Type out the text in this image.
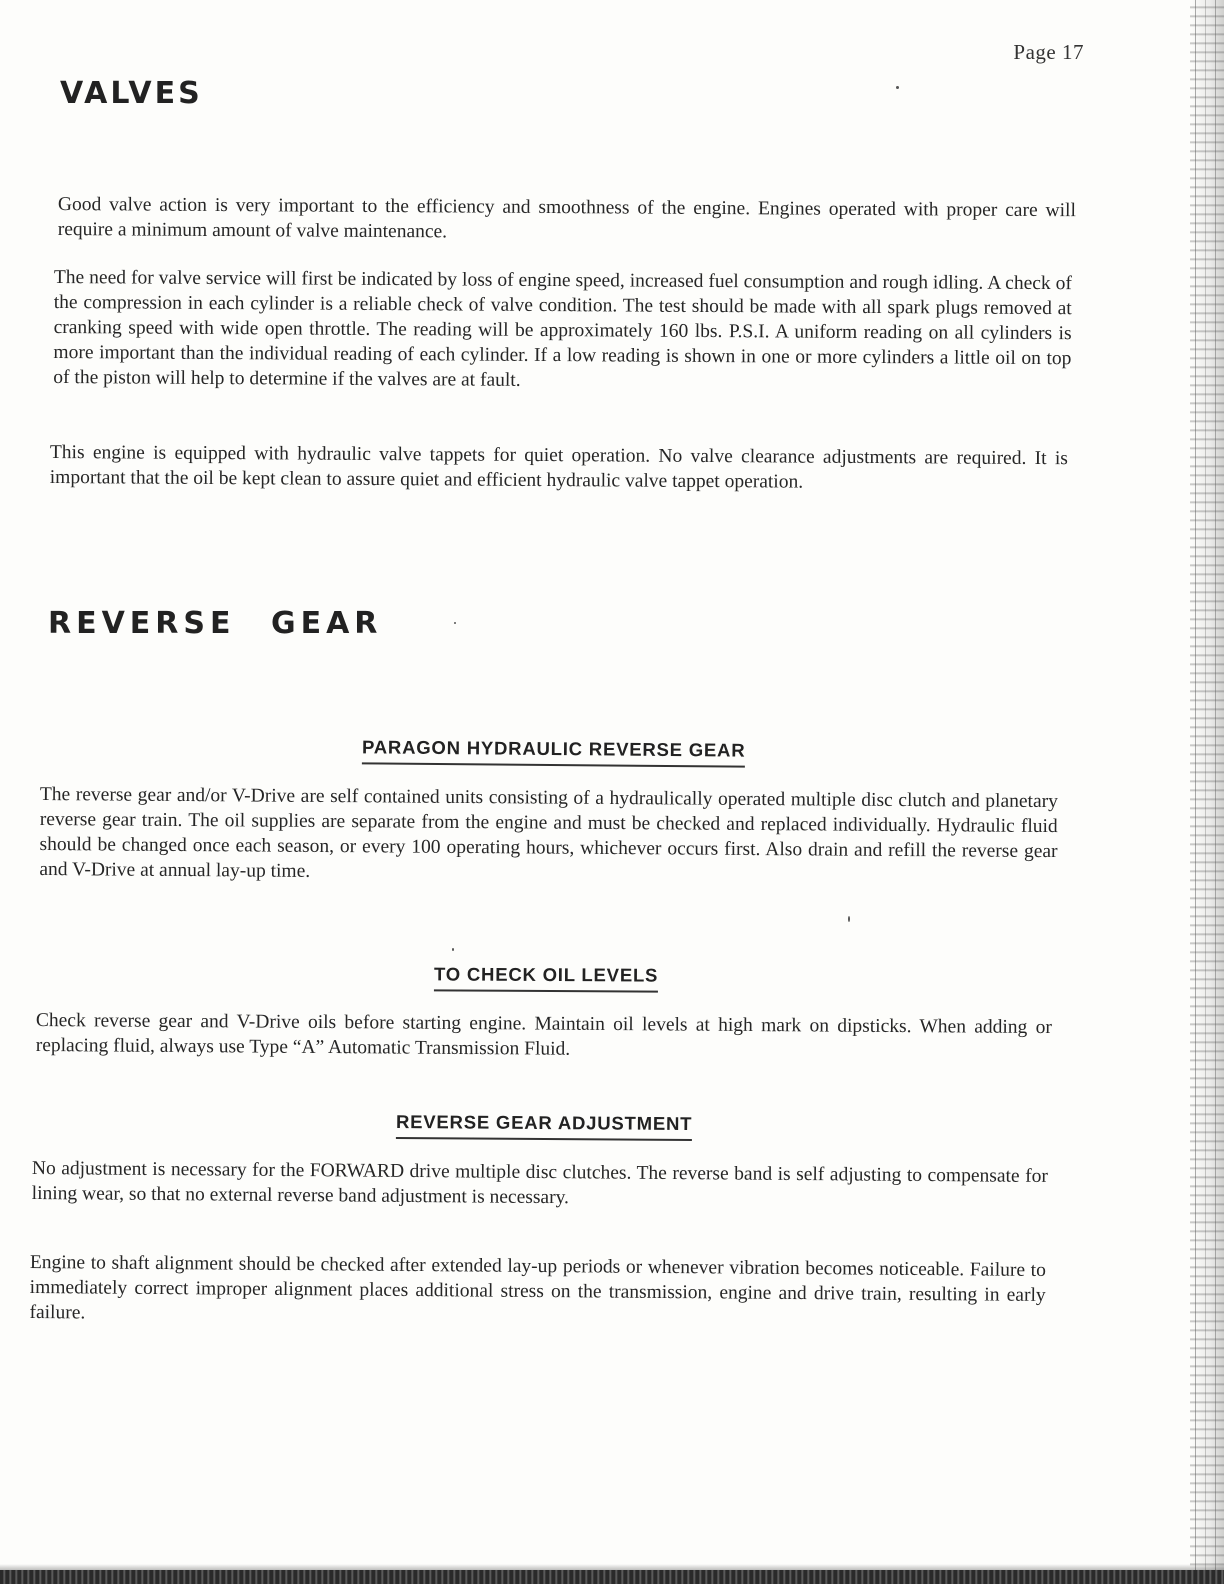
Page 17
VALVES

Good valve action is very important to the efficiency and smoothness of the engine. Engines operated with proper care will require a minimum amount of valve maintenance.

The need for valve service will first be indicated by loss of engine speed, increased fuel consumption and rough idling. A check of the compression in each cylinder is a reliable check of valve condition. The test should be made with all spark plugs removed at cranking speed with wide open throttle. The reading will be approximately 160 lbs. P.S.I. A uniform reading on all cylinders is more important than the individual reading of each cylinder. If a low reading is shown in one or more cylinders a little oil on top of the piston will help to determine if the valves are at fault.

This engine is equipped with hydraulic valve tappets for quiet operation. No valve clearance adjustments are required. It is important that the oil be kept clean to assure quiet and efficient hydraulic valve tappet operation.

REVERSE GEAR
PARAGON HYDRAULIC REVERSE GEAR

The reverse gear and/or V-Drive are self contained units consisting of a hydraulically operated multiple disc clutch and planetary reverse gear train. The oil supplies are separate from the engine and must be checked and replaced individually. Hydraulic fluid should be changed once each season, or every 100 operating hours, whichever occurs first. Also drain and refill the reverse gear and V-Drive at annual lay-up time.

TO CHECK OIL LEVELS

Check reverse gear and V-Drive oils before starting engine. Maintain oil levels at high mark on dipsticks. When adding or replacing fluid, always use Type “A” Automatic Transmission Fluid.

REVERSE GEAR ADJUSTMENT

No adjustment is necessary for the FORWARD drive multiple disc clutches. The reverse band is self adjusting to compensate for lining wear, so that no external reverse band adjustment is necessary.

Engine to shaft alignment should be checked after extended lay-up periods or whenever vibration becomes noticeable. Failure to immediately correct improper alignment places additional stress on the transmission, engine and drive train, resulting in early failure.
